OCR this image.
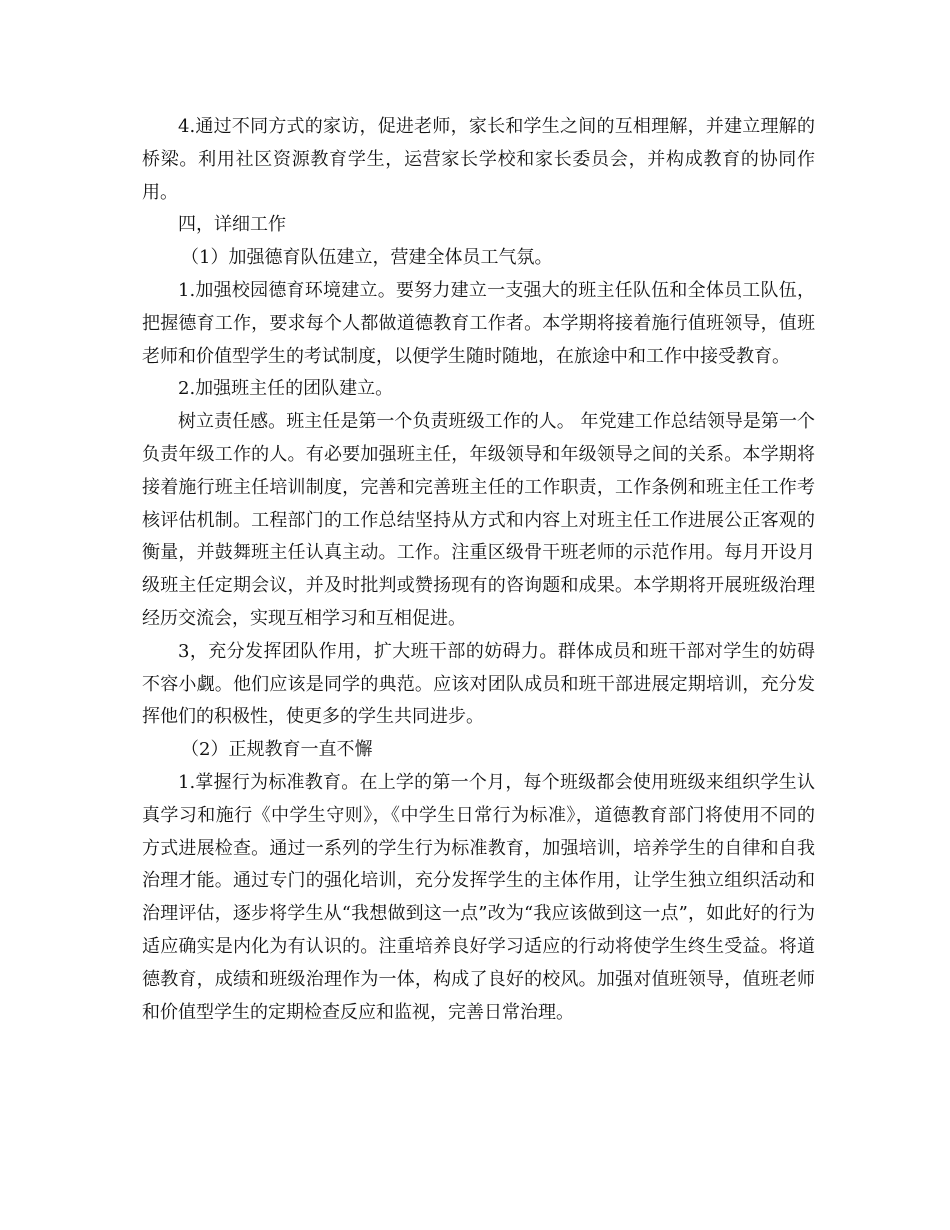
4.通过不同方式的家访，促进老师，家长和学生之间的互相理解，并建立理解的桥梁。利用社区资源教育学生，运营家长学校和家长委员会，并构成教育的协同作用。

四，详细工作

（1）加强德育队伍建立，营建全体员工气氛。

1.加强校园德育环境建立。要努力建立一支强大的班主任队伍和全体员工队伍，把握德育工作，要求每个人都做道德教育工作者。本学期将接着施行值班领导，值班老师和价值型学生的考试制度，以便学生随时随地，在旅途中和工作中接受教育。

2.加强班主任的团队建立。

树立责任感。班主任是第一个负责班级工作的人。 年党建工作总结领导是第一个负责年级工作的人。有必要加强班主任，年级领导和年级领导之间的关系。本学期将接着施行班主任培训制度，完善和完善班主任的工作职责，工作条例和班主任工作考核评估机制。工程部门的工作总结坚持从方式和内容上对班主任工作进展公正客观的衡量，并鼓舞班主任认真主动。工作。注重区级骨干班老师的示范作用。每月开设月级班主任定期会议，并及时批判或赞扬现有的咨询题和成果。本学期将开展班级治理经历交流会，实现互相学习和互相促进。

3，充分发挥团队作用，扩大班干部的妨碍力。群体成员和班干部对学生的妨碍不容小觑。他们应该是同学的典范。应该对团队成员和班干部进展定期培训，充分发挥他们的积极性，使更多的学生共同进步。

（2）正规教育一直不懈

1.掌握行为标准教育。在上学的第一个月，每个班级都会使用班级来组织学生认真学习和施行《中学生守则》，《中学生日常行为标准》，道德教育部门将使用不同的方式进展检查。通过一系列的学生行为标准教育，加强培训，培养学生的自律和自我治理才能。通过专门的强化培训，充分发挥学生的主体作用，让学生独立组织活动和治理评估，逐步将学生从“我想做到这一点”改为“我应该做到这一点”，如此好的行为适应确实是内化为有认识的。注重培养良好学习适应的行动将使学生终生受益。将道德教育，成绩和班级治理作为一体，构成了良好的校风。加强对值班领导，值班老师和价值型学生的定期检查反应和监视，完善日常治理。
